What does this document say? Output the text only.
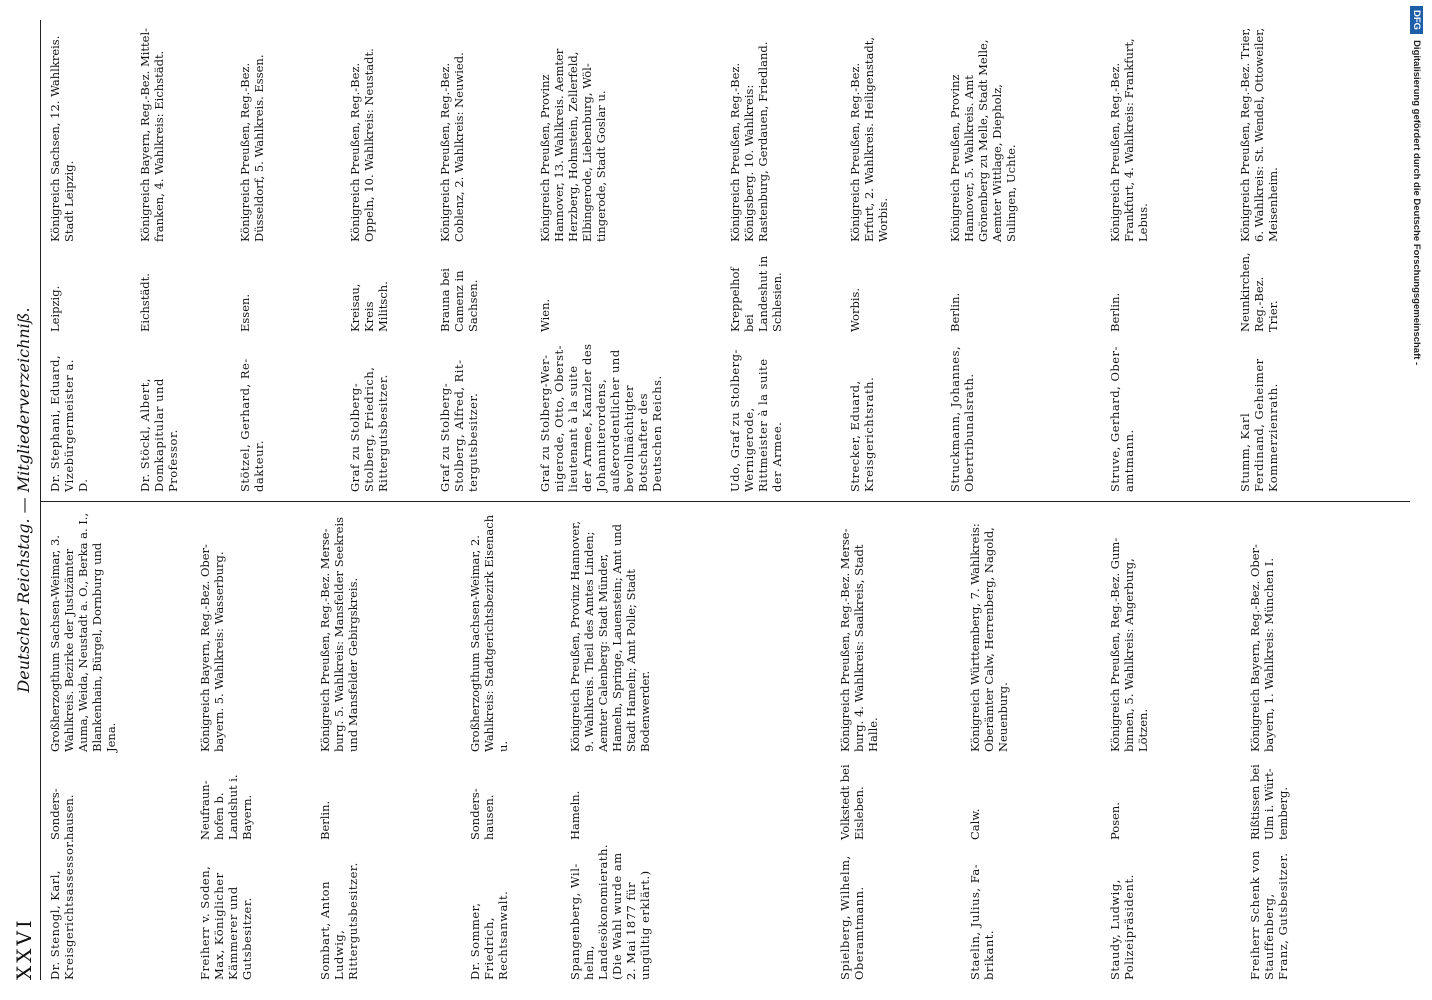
XXVI
Deutscher Reichstag. — Mitgliederverzeichniß.
Dr. Stenogl, Karl, Kreisgerichtsassessor.
Sondershausen.
Großherzogthum Sachsen-Weimar, 3. Wahlkreis. Bezirke der Justizämter Auma, Weida, Neustadt a. O., Berka a. I., Blankenhain, Bürgel, Dornburg und Jena.
Freiherr v. Soden, Max, Königlicher Kämmerer und Gutsbesitzer.
Neufraunhofen b. Landshut i. Bayern.
Königreich Bayern, Reg.-Bez. Oberbayern. 5. Wahlkreis: Wasserburg.
Sombart, Anton Ludwig, Rittergutsbesitzer.
Berlin.
Königreich Preußen, Reg.-Bez. Merseburg. 5. Wahlkreis: Mansfelder Seekreis und Mansfelder Gebirgskreis.
Dr. Sommer, Friedrich, Rechtsanwalt.
Sondershausen.
Großherzogthum Sachsen-Weimar, 2. Wahlkreis: Stadtgerichtsbezirk Eisenach u.
Spangenberg, Wilhelm, Landesökonomierath. (Die Wahl wurde am 2. Mai 1877 für ungültig erklärt.)
Hameln.
Königreich Preußen, Provinz Hannover, 9. Wahlkreis. Theil des Amtes Linden; Aemter Calenberg: Stadt Münder, Hameln, Springe, Lauenstein; Amt und Stadt Hameln; Amt Polle; Stadt Bodenwerder.
Spielberg, Wilhelm, Oberamtmann.
Volkstedt bei Eisleben.
Königreich Preußen, Reg.-Bez. Merseburg. 4. Wahlkreis: Saalkreis, Stadt Halle.
Staelin, Julius, Fabrikant.
Calw.
Königreich Württemberg, 7. Wahlkreis: Oberämter Calw, Herrenberg, Nagold, Neuenburg.
Staudy, Ludwig, Polizeipräsident.
Posen.
Königreich Preußen, Reg.-Bez. Gumbinnen, 5. Wahlkreis: Angerburg, Lötzen.
Freiherr Schenk von Stauffenberg, Franz, Gutsbesitzer.
Rißtissen bei Ulm i. Württemberg.
Königreich Bayern, Reg.-Bez. Oberbayern, 1. Wahlkreis: München I.
Dr. Stephani, Eduard, Vizebürgermeister a. D.
Leipzig.
Königreich Sachsen, 12. Wahlkreis. Stadt Leipzig.
Dr. Stöckl, Albert, Domkapitular und Professor.
Eichstädt.
Königreich Bayern, Reg.-Bez. Mittelfranken, 4. Wahlkreis: Eichstädt.
Stötzel, Gerhard, Redakteur.
Essen.
Königreich Preußen, Reg.-Bez. Düsseldorf, 5. Wahlkreis. Essen.
Graf zu Stolberg-Stolberg, Friedrich, Rittergutsbesitzer.
Kreisau, Kreis Militsch.
Königreich Preußen, Reg.-Bez. Oppeln, 10. Wahlkreis: Neustadt.
Graf zu Stolberg-Stolberg, Alfred, Rittergutsbesitzer.
Brauna bei Camenz in Sachsen.
Königreich Preußen, Reg.-Bez. Coblenz, 2. Wahlkreis: Neuwied.
Graf zu Stolberg-Wernigerode, Otto, Oberstlieutenant à la suite der Armee, Kanzler des Johanniterordens, außerordentlicher und bevollmächtigter Botschafter des Deutschen Reichs.
Wien.
Königreich Preußen, Provinz Hannover, 13. Wahlkreis. Aemter Herzberg, Hohnstein, Zellerfeld, Elbingerode, Liebenburg, Wöltingerode, Stadt Goslar u.
Udo, Graf zu Stolberg-Wernigerode, Rittmeister à la suite der Armee.
Kreppelhof bei Landeshut in Schlesien.
Königreich Preußen, Reg.-Bez. Königsberg. 10. Wahlkreis: Rastenburg, Gerdauen, Friedland.
Strecker, Eduard, Kreisgerichtsrath.
Worbis.
Königreich Preußen, Reg.-Bez. Erfurt, 2. Wahlkreis. Heiligenstadt, Worbis.
Struckmann, Johannes, Obertribunalsrath.
Berlin.
Königreich Preußen, Provinz Hannover, 5. Wahlkreis. Amt Grönenberg zu Melle, Stadt Melle, Aemter Wittlage, Diepholz, Sulingen, Uchte.
Struve, Gerhard, Oberamtmann.
Berlin.
Königreich Preußen, Reg.-Bez. Frankfurt, 4. Wahlkreis: Frankfurt, Lebus.
Stumm, Karl Ferdinand, Geheimer Kommerzienrath.
Neunkirchen, Reg.-Bez. Trier.
Königreich Preußen, Reg.-Bez. Trier, 6. Wahlkreis: St. Wendel, Ottoweiler, Meisenheim.
DFGDigitalisierung gefördert durch die Deutsche Forschungsgemeinschaft -
